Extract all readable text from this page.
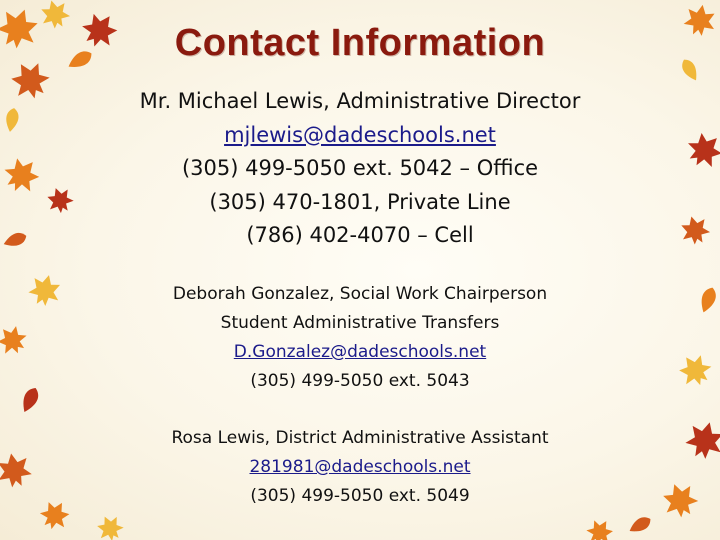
Contact Information
Mr. Michael Lewis, Administrative Director
mjlewis@dadeschools.net
(305) 499-5050 ext. 5042 – Office
(305) 470-1801, Private Line
(786) 402-4070 – Cell
Deborah Gonzalez, Social Work Chairperson
Student Administrative Transfers
D.Gonzalez@dadeschools.net
(305) 499-5050 ext. 5043
Rosa Lewis, District Administrative Assistant
281981@dadeschools.net
(305) 499-5050 ext. 5049
